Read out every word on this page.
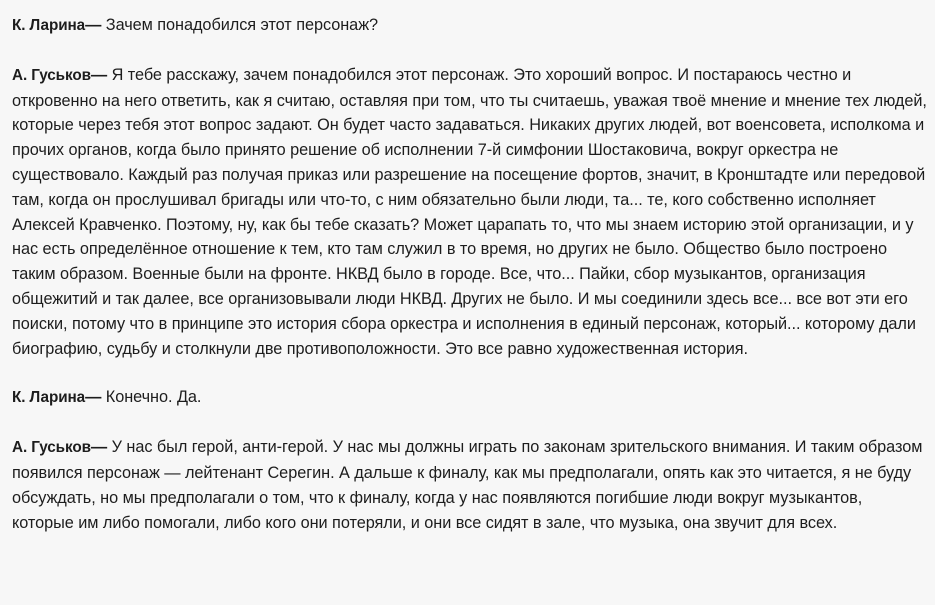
К. Ларина— Зачем понадобился этот персонаж?

А. Гуськов— Я тебе расскажу, зачем понадобился этот персонаж. Это хороший вопрос. И постараюсь честно и откровенно на него ответить, как я считаю, оставляя при том, что ты считаешь, уважая твоё мнение и мнение тех людей, которые через тебя этот вопрос задают. Он будет часто задаваться. Никаких других людей, вот военсовета, исполкома и прочих органов, когда было принято решение об исполнении 7-й симфонии Шостаковича, вокруг оркестра не существовало. Каждый раз получая приказ или разрешение на посещение фортов, значит, в Кронштадте или передовой там, когда он прослушивал бригады или что-то, с ним обязательно были люди, та... те, кого собственно исполняет Алексей Кравченко. Поэтому, ну, как бы тебе сказать? Может царапать то, что мы знаем историю этой организации, и у нас есть определённое отношение к тем, кто там служил в то время, но других не было. Общество было построено таким образом. Военные были на фронте. НКВД было в городе. Все, что... Пайки, сбор музыкантов, организация общежитий и так далее, все организовывали люди НКВД. Других не было. И мы соединили здесь все... все вот эти его поиски, потому что в принципе это история сбора оркестра и исполнения в единый персонаж, который... которому дали биографию, судьбу и столкнули две противоположности. Это все равно художественная история.

К. Ларина— Конечно. Да.

А. Гуськов— У нас был герой, анти-герой. У нас мы должны играть по законам зрительского внимания. И таким образом появился персонаж — лейтенант Серегин. А дальше к финалу, как мы предполагали, опять как это читается, я не буду обсуждать, но мы предполагали о том, что к финалу, когда у нас появляются погибшие люди вокруг музыкантов, которые им либо помогали, либо кого они потеряли, и они все сидят в зале, что музыка, она звучит для всех.
